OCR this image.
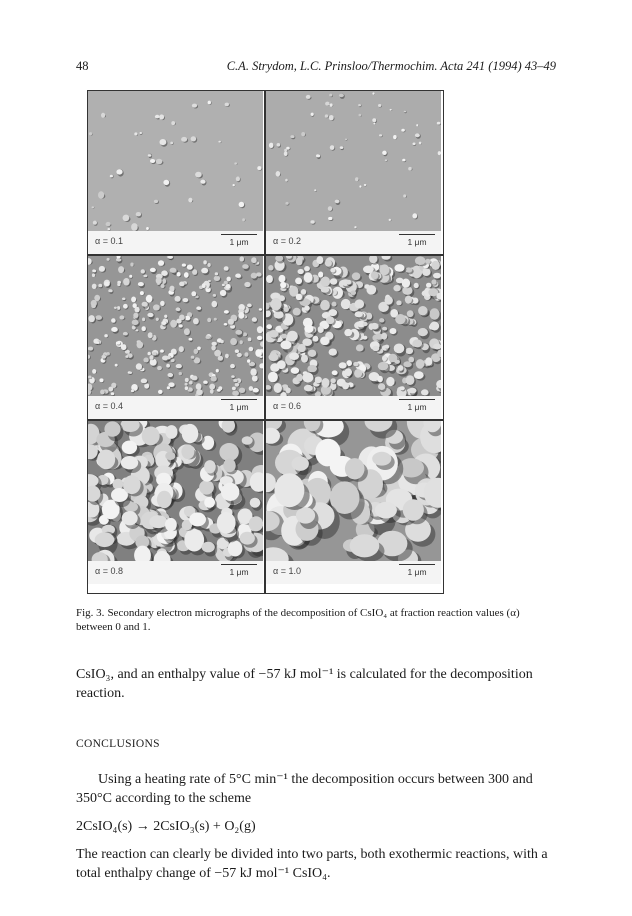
48	C.A. Strydom, L.C. Prinsloo/Thermochim. Acta 241 (1994) 43–49
α = 0.1	1 μm	α = 0.2	1 μm
α = 0.4	1 μm	α = 0.6	1 μm
α = 0.8	1 μm	α = 1.0	1 μm
Fig. 3. Secondary electron micrographs of the decomposition of CsIO₄ at fraction reaction values (α) between 0 and 1.
CsIO₃, and an enthalpy value of −57 kJ mol⁻¹ is calculated for the decomposition reaction.
CONCLUSIONS
Using a heating rate of 5°C min⁻¹ the decomposition occurs between 300 and 350°C according to the scheme
2CsIO₄(s) → 2CsIO₃(s) + O₂(g)
The reaction can clearly be divided into two parts, both exothermic reactions, with a total enthalpy change of −57 kJ mol⁻¹ CsIO₄.
